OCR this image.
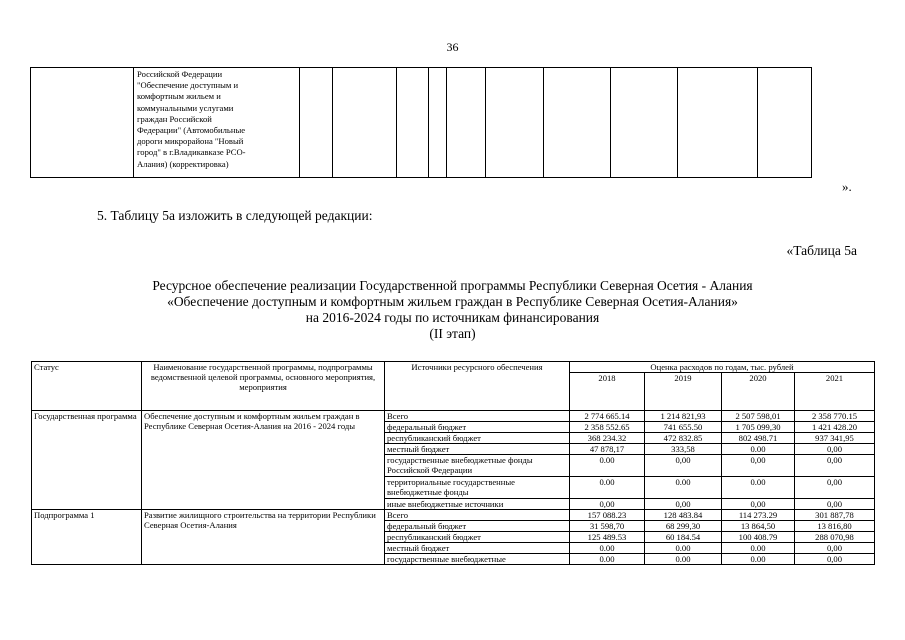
36

Российской Федерации
"Обеспечение доступным и
комфортным жильем и
коммунальными услугами
граждан Российской
Федерации" (Автомобильные
дороги микрорайона "Новый
город" в г.Владикавказе РСО-
Алания) (корректировка)

».
5. Таблицу 5а изложить в следующей редакции:
«Таблица 5а
Ресурсное обеспечение реализации Государственной программы Республики Северная Осетия - Алания
«Обеспечение доступным и комфортным жильем граждан в Республике Северная Осетия-Алания»
на 2016-2024 годы по источникам финансирования
(II этап)
Статус	Наименование государственной программы, подпрограммы ведомственной целевой программы, основного мероприятия, мероприятия	Источники ресурсного обеспечения	Оценка расходов по годам, тыс. рублей			
			2018	2019	2020	2021
Государственная программа	Обеспечение доступным и комфортным жильем граждан в Республике Северная Осетия-Алания на 2016 - 2024 годы	Всего	2 774 665.14	1 214 821,93	2 507 598,01	2 358 770.15
		федеральный бюджет	2 358 552.65	741 655.50	1 705 099,30	1 421 428.20
		республиканский бюджет	368 234.32	472 832.85	802 498.71	937 341,95
		местный бюджет	47 878,17	333,58	0.00	0,00
		государственные внебюджетные фонды Российской Федерации	0.00	0,00	0,00	0,00
		территориальные государственные внебюджетные фонды	0.00	0.00	0.00	0,00
		иные внебюджетные источники	0,00	0,00	0,00	0,00
Подпрограмма 1	Развитие жилищного строительства на территории Республики Северная Осетия-Алания	Всего	157 088.23	128 483.84	114 273.29	301 887,78
		федеральный бюджет	31 598,70	68 299,30	13 864,50	13 816,80
		республиканский бюджет	125 489.53	60 184.54	100 408.79	288 070,98
		местный бюджет	0.00	0.00	0.00	0,00
		государственные внебюджетные	0.00	0.00	0.00	0,00
